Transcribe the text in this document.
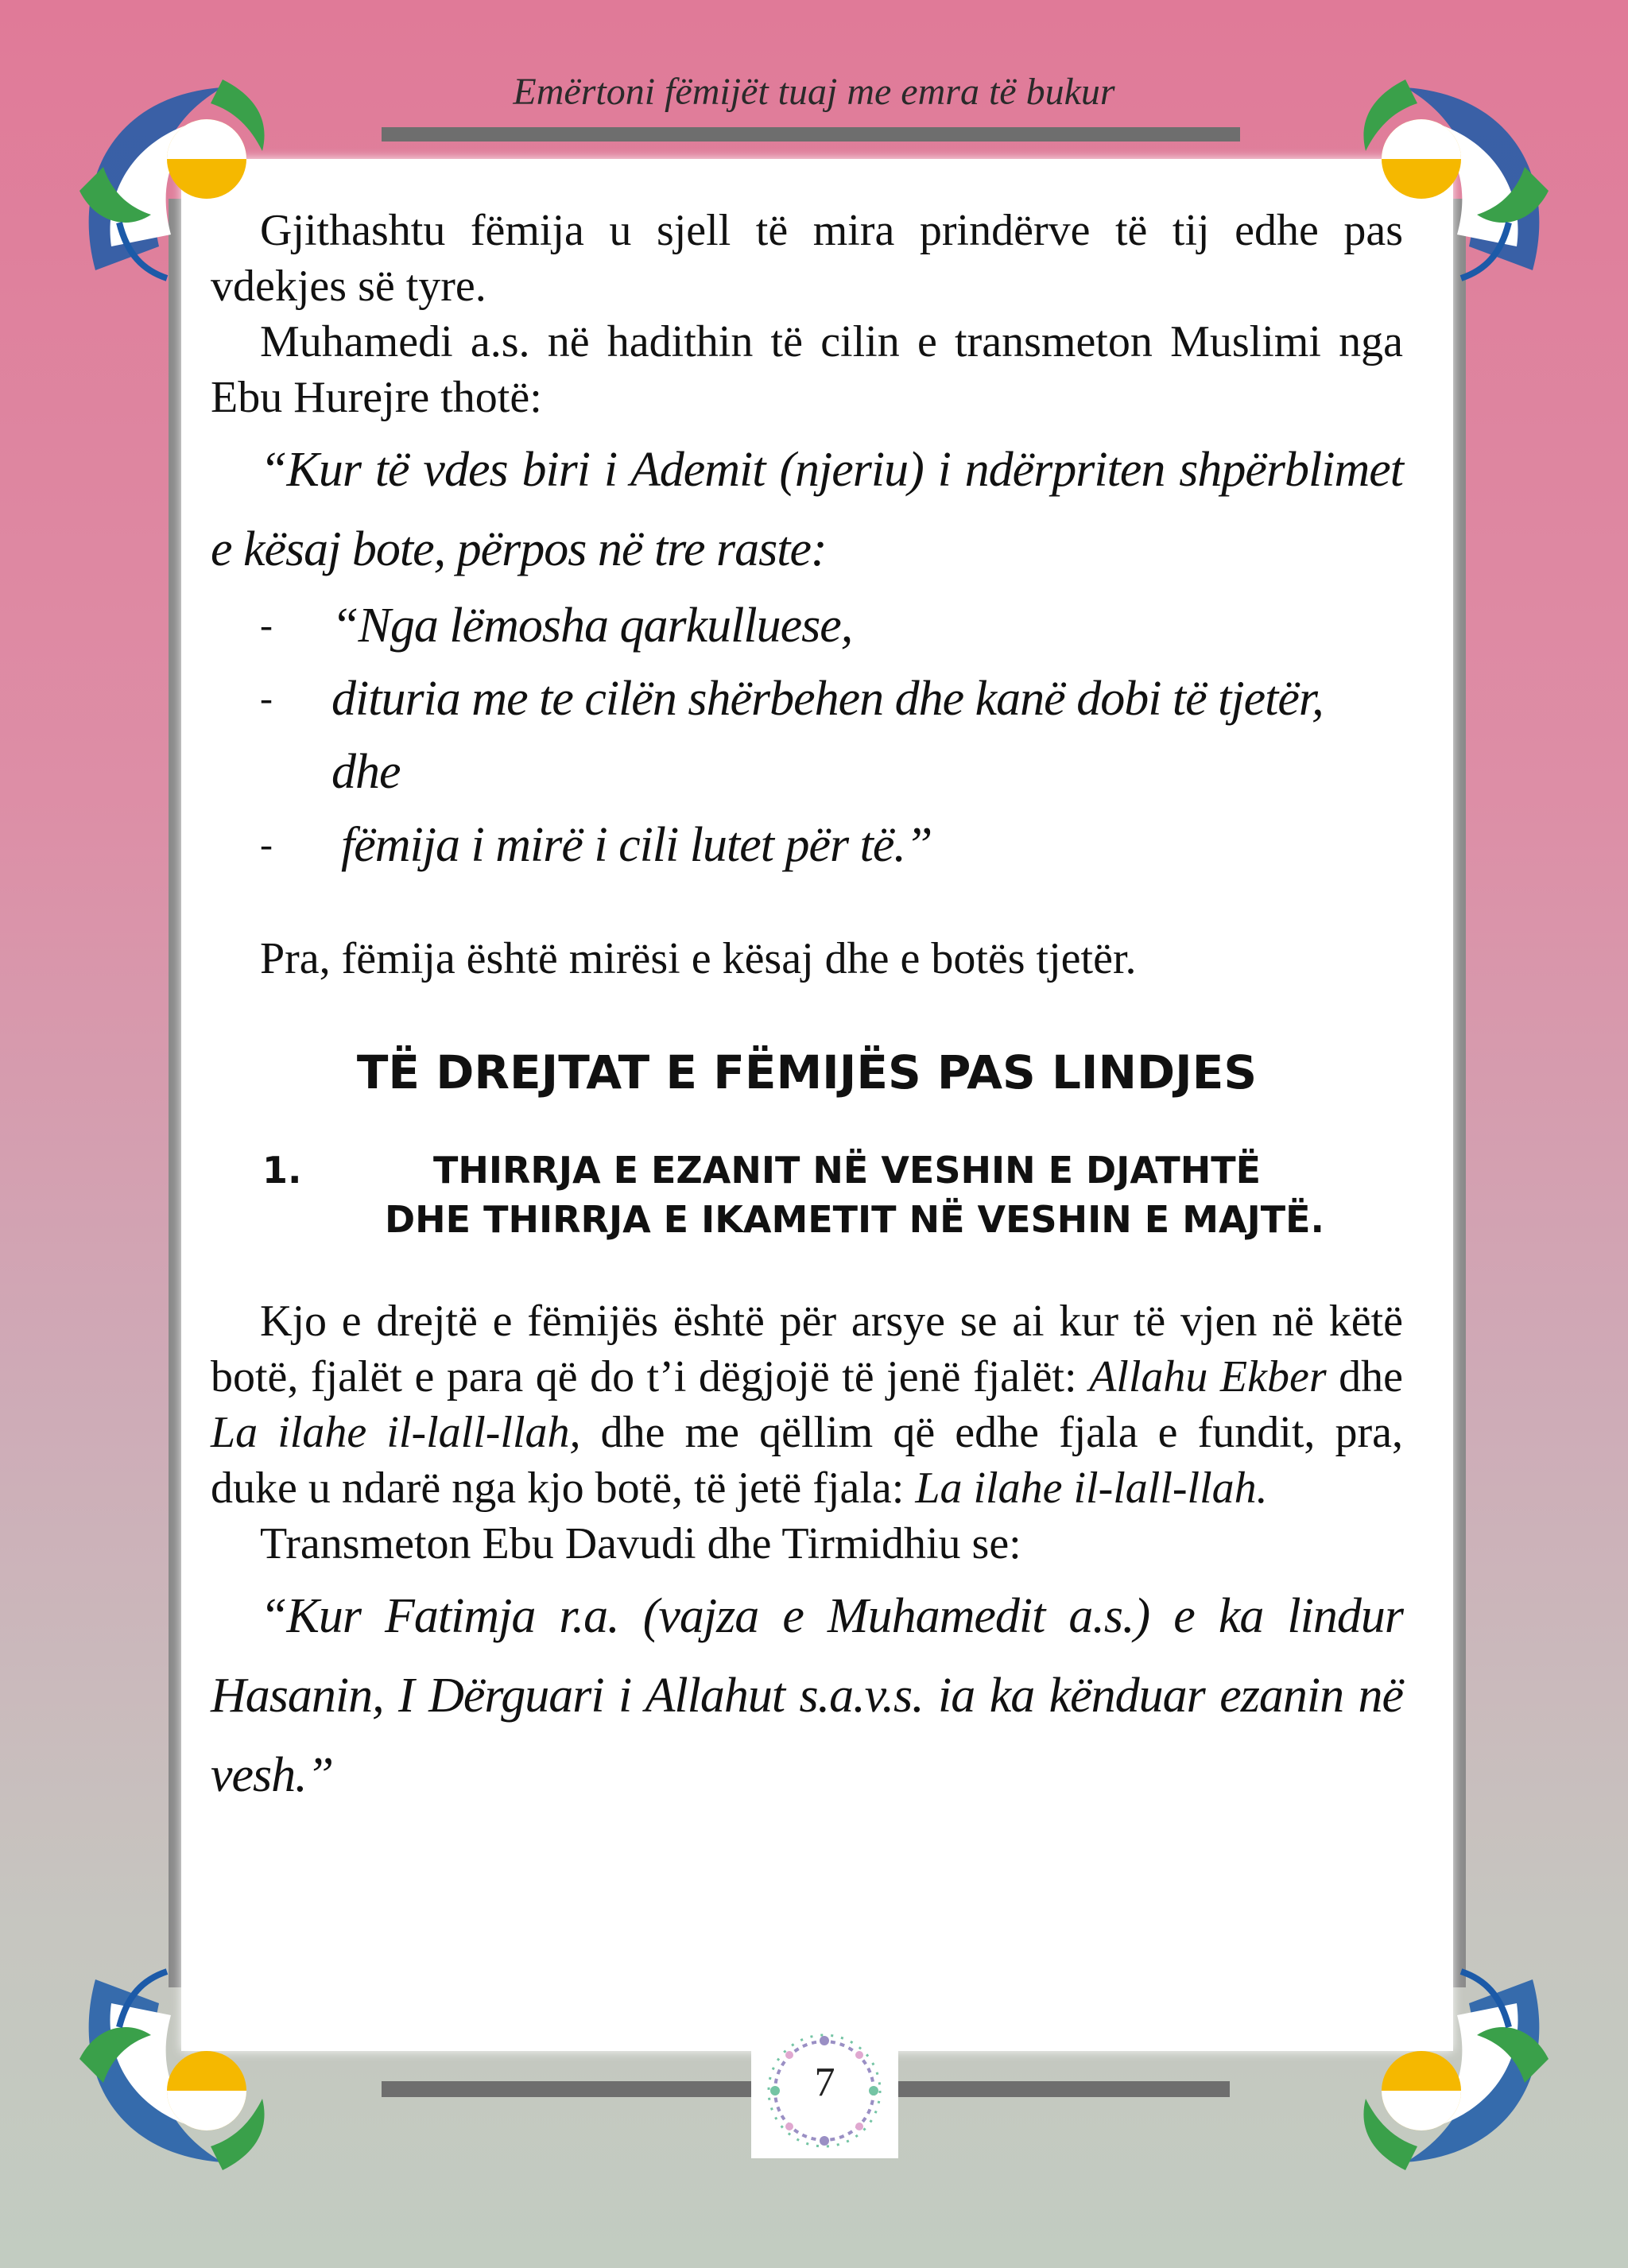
Emërtoni fëmijët tuaj me emra të bukur

Gjithashtu fëmija u sjell të mira prindërve të tij edhe pas vdekjes së tyre.

Muhamedi a.s. në hadithin të cilin e transmeton Muslimi nga Ebu Hurejre thotë:

“Kur të vdes biri i Ademit (njeriu) i ndërpriten shpërblimet e kësaj bote, përpos në tre raste:

- “Nga lëmosha qarkulluese,
- dituria me te cilën shërbehen dhe kanë dobi të tjetër, dhe
- fëmija i mirë i cili lutet për të.”

Pra, fëmija është mirësi e kësaj dhe e botës tjetër.

TË DREJTAT E FËMIJËS PAS LINDJES
1.	THIRRJA E EZANIT NË VESHIN E DJATHTË

DHE THIRRJA E IKAMETIT NË VESHIN E MAJTË.

Kjo e drejtë e fëmijës është për arsye se ai kur të vjen në këtë botë, fjalët e para që do t’i dëgjojë të jenë fjalët: Allahu Ekber dhe La ilahe il-lall-llah, dhe me qëllim që edhe fjala e fundit, pra, duke u ndarë nga kjo botë, të jetë fjala: La ilahe il-lall-llah.

Transmeton Ebu Davudi dhe Tirmidhiu se:

“Kur Fatimja r.a. (vajza e Muhamedit a.s.) e ka lindur Hasanin, I Dërguari i Allahut s.a.v.s. ia ka kënduar ezanin në vesh.”

7
